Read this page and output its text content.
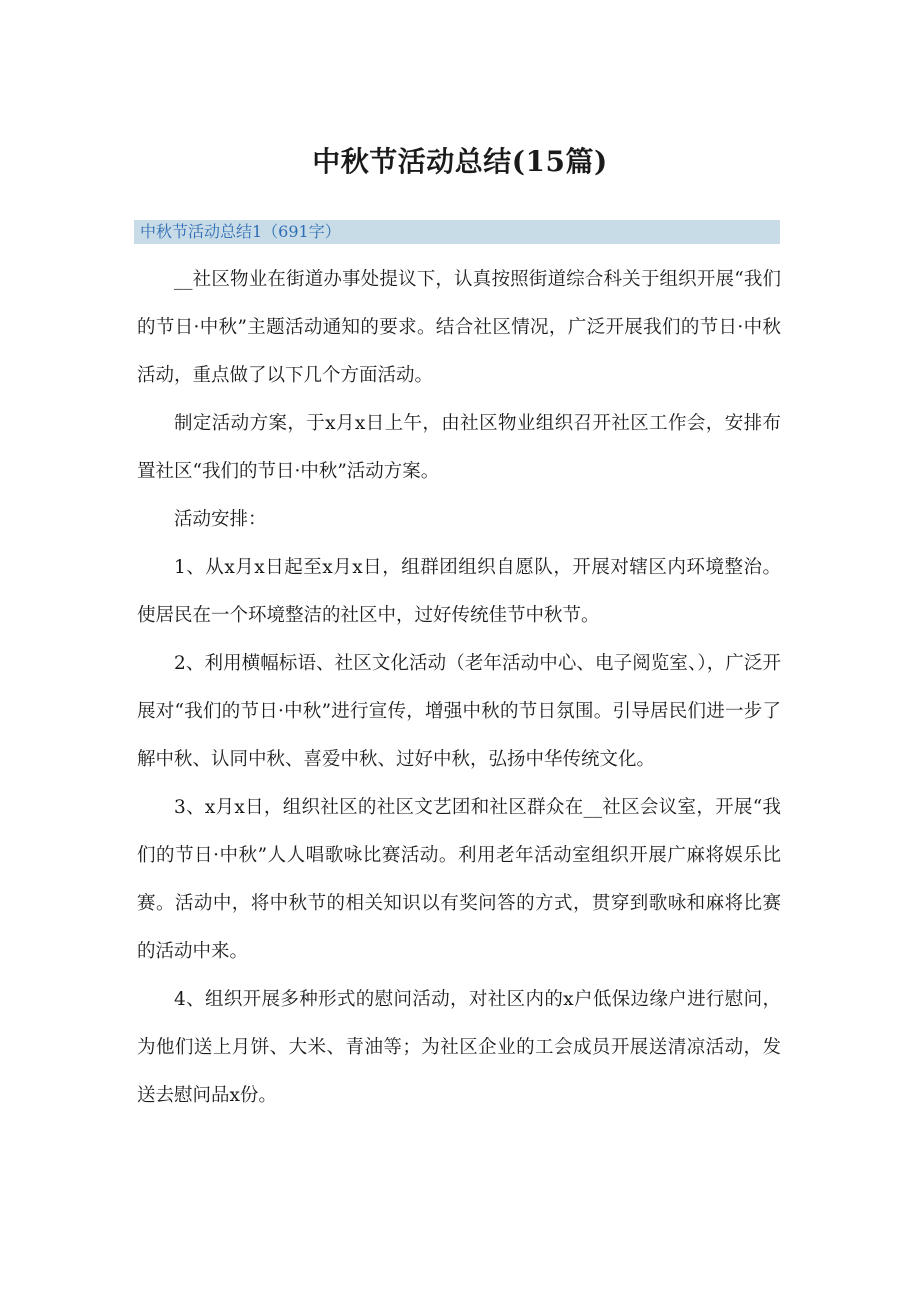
中秋节活动总结(15篇)
中秋节活动总结1（691字）

__社区物业在街道办事处提议下，认真按照街道综合科关于组织开展“我们的节日·中秋”主题活动通知的要求。结合社区情况，广泛开展我们的节日·中秋活动，重点做了以下几个方面活动。

制定活动方案，于x月x日上午，由社区物业组织召开社区工作会，安排布置社区“我们的节日·中秋”活动方案。

活动安排：

1、从x月x日起至x月x日，组群团组织自愿队，开展对辖区内环境整治。使居民在一个环境整洁的社区中，过好传统佳节中秋节。

2、利用横幅标语、社区文化活动（老年活动中心、电子阅览室、），广泛开展对“我们的节日·中秋”进行宣传，增强中秋的节日氛围。引导居民们进一步了解中秋、认同中秋、喜爱中秋、过好中秋，弘扬中华传统文化。

3、x月x日，组织社区的社区文艺团和社区群众在__社区会议室，开展“我们的节日·中秋”人人唱歌咏比赛活动。利用老年活动室组织开展广麻将娱乐比赛。活动中，将中秋节的相关知识以有奖问答的方式，贯穿到歌咏和麻将比赛的活动中来。

4、组织开展多种形式的慰问活动，对社区内的x户低保边缘户进行慰问，为他们送上月饼、大米、青油等；为社区企业的工会成员开展送清凉活动，发送去慰问品x份。
